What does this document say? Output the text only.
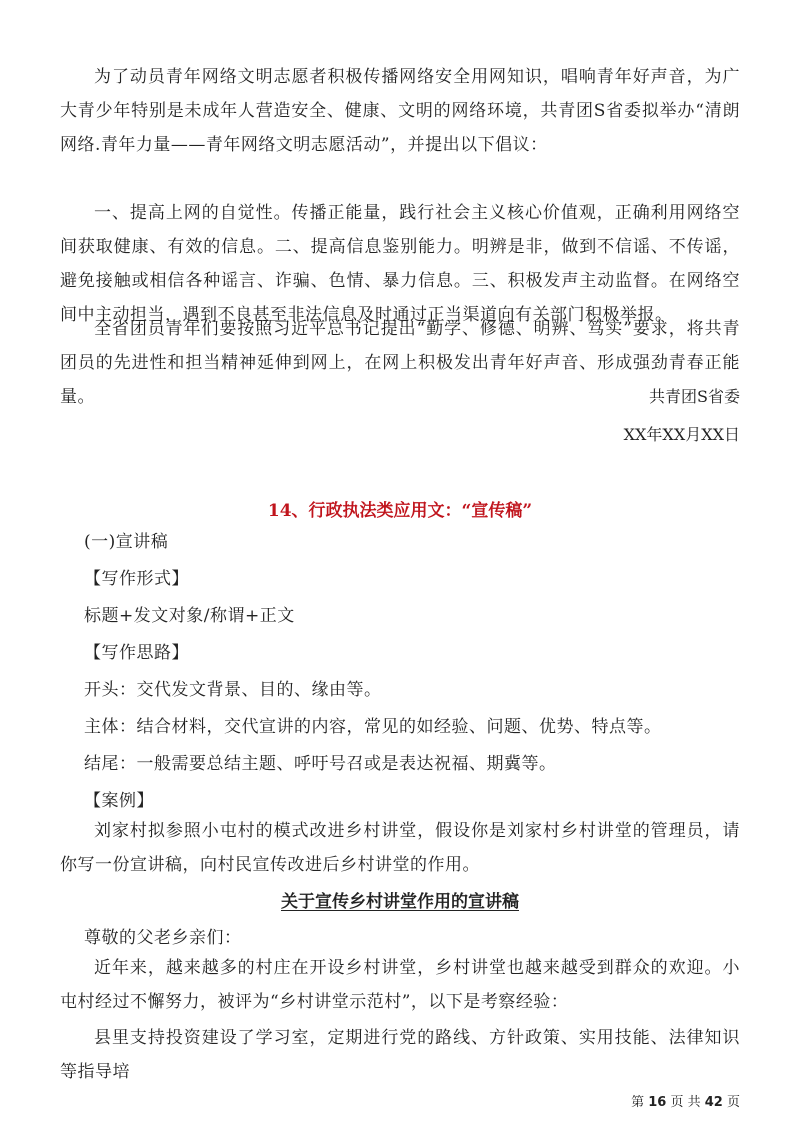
为了动员青年网络文明志愿者积极传播网络安全用网知识，唱响青年好声音，为广大青少年特别是未成年人营造安全、健康、文明的网络环境，共青团S省委拟举办“清朗网络.青年力量——青年网络文明志愿活动”，并提出以下倡议：

一、提高上网的自觉性。传播正能量，践行社会主义核心价值观，正确利用网络空间获取健康、有效的信息。二、提高信息鉴别能力。明辨是非，做到不信谣、不传谣，避免接触或相信各种谣言、诈骗、色情、暴力信息。三、积极发声主动监督。在网络空间中主动担当，遇到不良甚至非法信息及时通过正当渠道向有关部门积极举报。

全省团员青年们要按照习近平总书记提出“勤学、修德、明辨、笃实”要求，将共青团员的先进性和担当精神延伸到网上，在网上积极发出青年好声音、形成强劲青春正能量。	共青团S省委
XX年XX月XX日
14、行政执法类应用文：“宣传稿”
(一)宣讲稿
【写作形式】
标题+发文对象/称谓+正文
【写作思路】
开头：交代发文背景、目的、缘由等。
主体：结合材料，交代宣讲的内容，常见的如经验、问题、优势、特点等。
结尾：一般需要总结主题、呼吁号召或是表达祝福、期冀等。
【案例】

刘家村拟参照小屯村的模式改进乡村讲堂，假设你是刘家村乡村讲堂的管理员，请你写一份宣讲稿，向村民宣传改进后乡村讲堂的作用。

关于宣传乡村讲堂作用的宣讲稿
尊敬的父老乡亲们：

近年来，越来越多的村庄在开设乡村讲堂，乡村讲堂也越来越受到群众的欢迎。小屯村经过不懈努力，被评为“乡村讲堂示范村”，以下是考察经验：

县里支持投资建设了学习室，定期进行党的路线、方针政策、实用技能、法律知识等指导培

第 16 页 共 42 页
